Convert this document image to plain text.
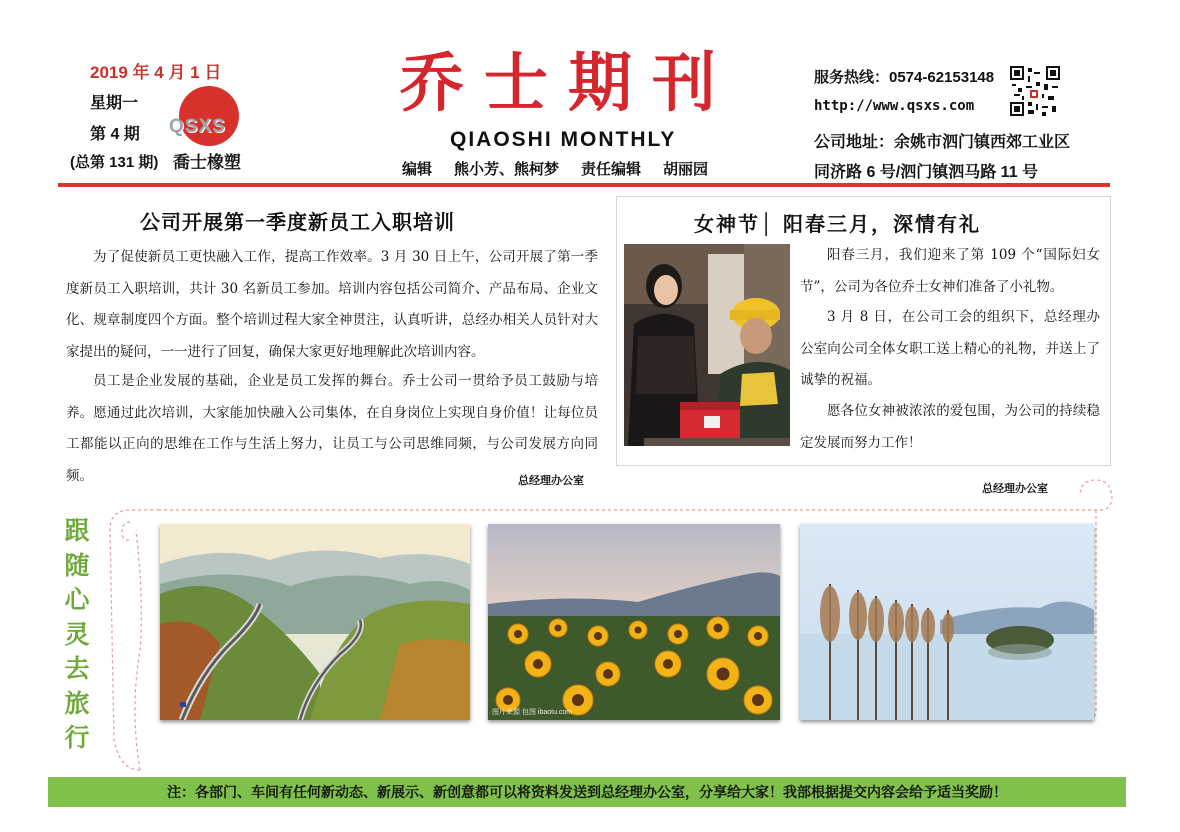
2019 年 4 月 1 日
星期一
第 4 期
(总第 131 期)
QSXS
喬士橡塑
乔士期刊
QIAOSHI MONTHLY
编辑 熊小芳、熊柯梦 责任编辑 胡丽园
服务热线：0574-62153148
http://www.qsxs.com
公司地址：余姚市泗门镇西郊工业区同济路 6 号/泗门镇泗马路 11 号
公司开展第一季度新员工入职培训

为了促使新员工更快融入工作，提高工作效率。3 月 30 日上午，公司开展了第一季度新员工入职培训，共计 30 名新员工参加。培训内容包括公司简介、产品布局、企业文化、规章制度四个方面。整个培训过程大家全神贯注，认真听讲，总经办相关人员针对大家提出的疑问，一一进行了回复，确保大家更好地理解此次培训内容。

员工是企业发展的基础，企业是员工发挥的舞台。乔士公司一贯给予员工鼓励与培养。愿通过此次培训，大家能加快融入公司集体，在自身岗位上实现自身价值！让每位员工都能以正向的思维在工作与生活上努力，让员工与公司思维同频，与公司发展方向同频。	总经理办公室
女神节│ 阳春三月，深情有礼

阳春三月，我们迎来了第 109 个“国际妇女节”，公司为各位乔士女神们准备了小礼物。

3 月 8 日，在公司工会的组织下，总经理办公室向公司全体女职工送上精心的礼物，并送上了诚挚的祝福。

愿各位女神被浓浓的爱包围，为公司的持续稳定发展而努力工作！

总经理办公室
跟
随
心
灵
去
旅
行
图片来源 包图 ibaotu.com
注：各部门、车间有任何新动态、新展示、新创意都可以将资料发送到总经理办公室，分享给大家！我部根据提交内容会给予适当奖励！
